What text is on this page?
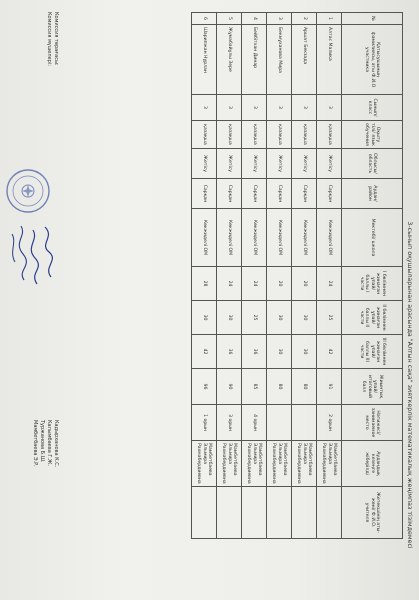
3-сынып оқушыларынан арасында "Алтын сақа" зияткерлік математикалық жеңімпаз тізімдемесі
№	Қатысушының фамилиясы, аты Ф.И.О участника	Сынып/ класс	Оқыту тілі/ язык обучения	Облысы/ область	Аудан/ район	Мектебі/ школа	I бөлімнен жинаған ұпай/ баллы I части	II бөлімнен жинаған ұпай/ баллы II части	III бөлімнен жинаған ұпай/ баллы III части	Жиынтық ұпай/ итоговый балл	Нәтижесі/ занимаемое место	Аудандық кезеңге жіберілді	Жетекшінің аты-жөні/ Ф.И.О. учителя
1	Алтас Малика	3	қазақша	Жетісу	Сарқан	Көкжиделі ОМ	24	25	42	91	2 орын	Мамбетбаева Эльмира Рахмабердиевна	
2	Аршат Бекзада	3	қазақша	Жетісу	Сарқан	Көкжиделі ОМ	20	30	30	80		Мамбетбаева Эльмира Рахмабердиевна	
3	Бекмұханова Мира	3	қазақша	Жетісу	Сарқан	Көкжиделі ОМ	20	30	30	80		Мамбетбаева Эльмира Рахмабердиевна	
4	Бейбітхан Динар	3	қазақша	Жетісу	Сарқан	Көкжиделі ОМ	24	25	36	85	4 орын	Мамбетбаева Эльмира Рахмабердиевна	
5	Жұмабайұлы Зере	3	қазақша	Жетісу	Сарқан	Көкжиделі ОМ	24	30	36	90	3 орын	Мамбетбаева Эльмира Рахмабердиевна	
6	Шарипжан Нұрлан	3	қазақша	Жетісу	Сарқан	Көкжиделі ОМ	28	30	42	96	1 орын	Мамбетбаева Эльмира Рахмабердиевна	
Комиссия төрағасы:
Комиссия мүшелері:
Кадырханова К.С.
Калымбаева Г.Ж.
Туржанова Б.Ш.
Мамбетбаева Э.Р.
